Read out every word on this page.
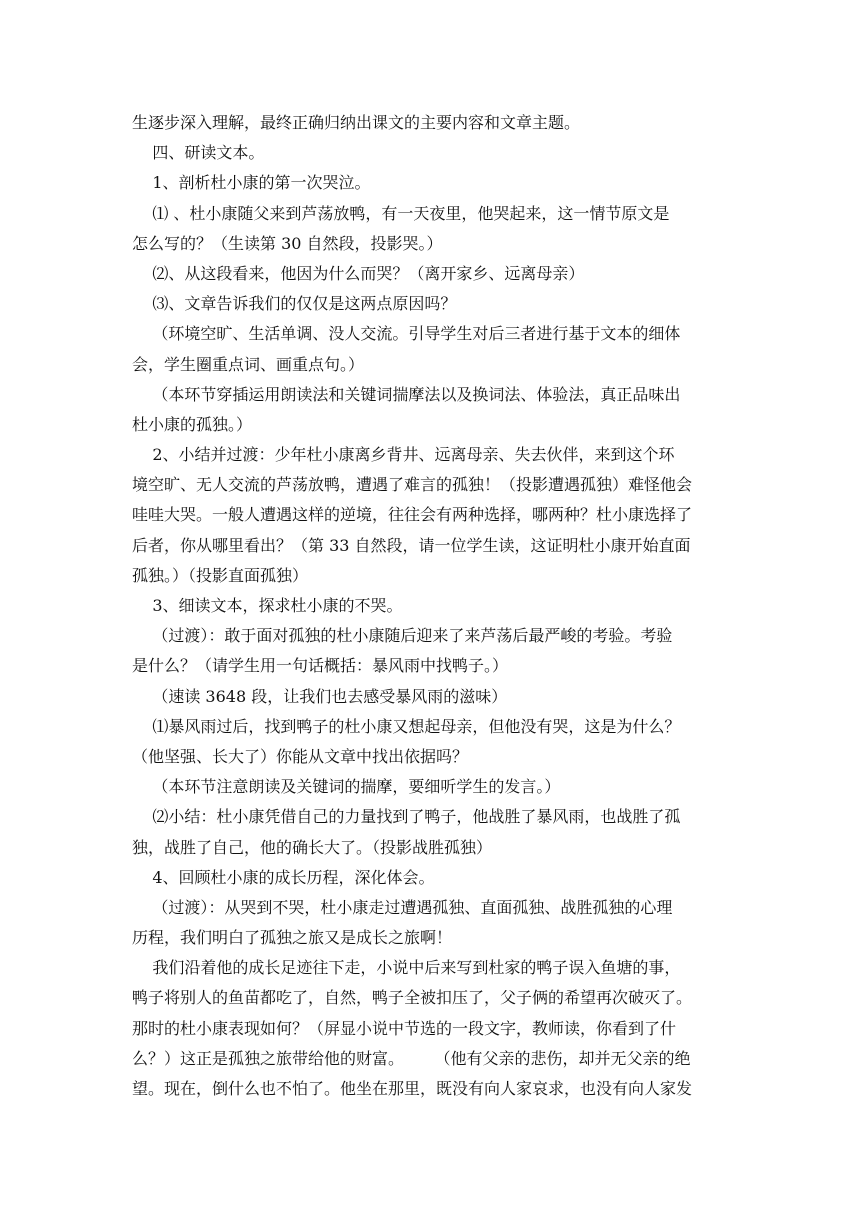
生逐步深入理解，最终正确归纳出课文的主要内容和文章主题。
四、研读文本。
1、剖析杜小康的第一次哭泣。
⑴ 、杜小康随父来到芦荡放鸭，有一天夜里，他哭起来，这一情节原文是
怎么写的？（生读第 30 自然段，投影哭。）
⑵、从这段看来，他因为什么而哭？（离开家乡、远离母亲）
⑶、文章告诉我们的仅仅是这两点原因吗？
（环境空旷、生活单调、没人交流。引导学生对后三者进行基于文本的细体
会，学生圈重点词、画重点句。）
（本环节穿插运用朗读法和关键词揣摩法以及换词法、体验法，真正品味出
杜小康的孤独。）
2、小结并过渡：少年杜小康离乡背井、远离母亲、失去伙伴，来到这个环
境空旷、无人交流的芦荡放鸭，遭遇了难言的孤独！（投影遭遇孤独）难怪他会
哇哇大哭。一般人遭遇这样的逆境，往往会有两种选择，哪两种？杜小康选择了
后者，你从哪里看出？（第 33 自然段，请一位学生读，这证明杜小康开始直面
孤独。）（投影直面孤独）
3、细读文本，探求杜小康的不哭。
（过渡）：敢于面对孤独的杜小康随后迎来了来芦荡后最严峻的考验。考验
是什么？（请学生用一句话概括：暴风雨中找鸭子。）
（速读 3648 段，让我们也去感受暴风雨的滋味）
⑴暴风雨过后，找到鸭子的杜小康又想起母亲，但他没有哭，这是为什么？
（他坚强、长大了）你能从文章中找出依据吗？
（本环节注意朗读及关键词的揣摩，要细听学生的发言。）
⑵小结：杜小康凭借自己的力量找到了鸭子，他战胜了暴风雨，也战胜了孤
独，战胜了自己，他的确长大了。（投影战胜孤独）
4、回顾杜小康的成长历程，深化体会。
（过渡）：从哭到不哭，杜小康走过遭遇孤独、直面孤独、战胜孤独的心理
历程，我们明白了孤独之旅又是成长之旅啊！
我们沿着他的成长足迹往下走，小说中后来写到杜家的鸭子误入鱼塘的事，
鸭子将别人的鱼苗都吃了，自然，鸭子全被扣压了，父子俩的希望再次破灭了。
那时的杜小康表现如何？（屏显小说中节选的一段文字，教师读，你看到了什
么？）这正是孤独之旅带给他的财富。      （他有父亲的悲伤，却并无父亲的绝
望。现在，倒什么也不怕了。他坐在那里，既没有向人家哀求，也没有向人家发
